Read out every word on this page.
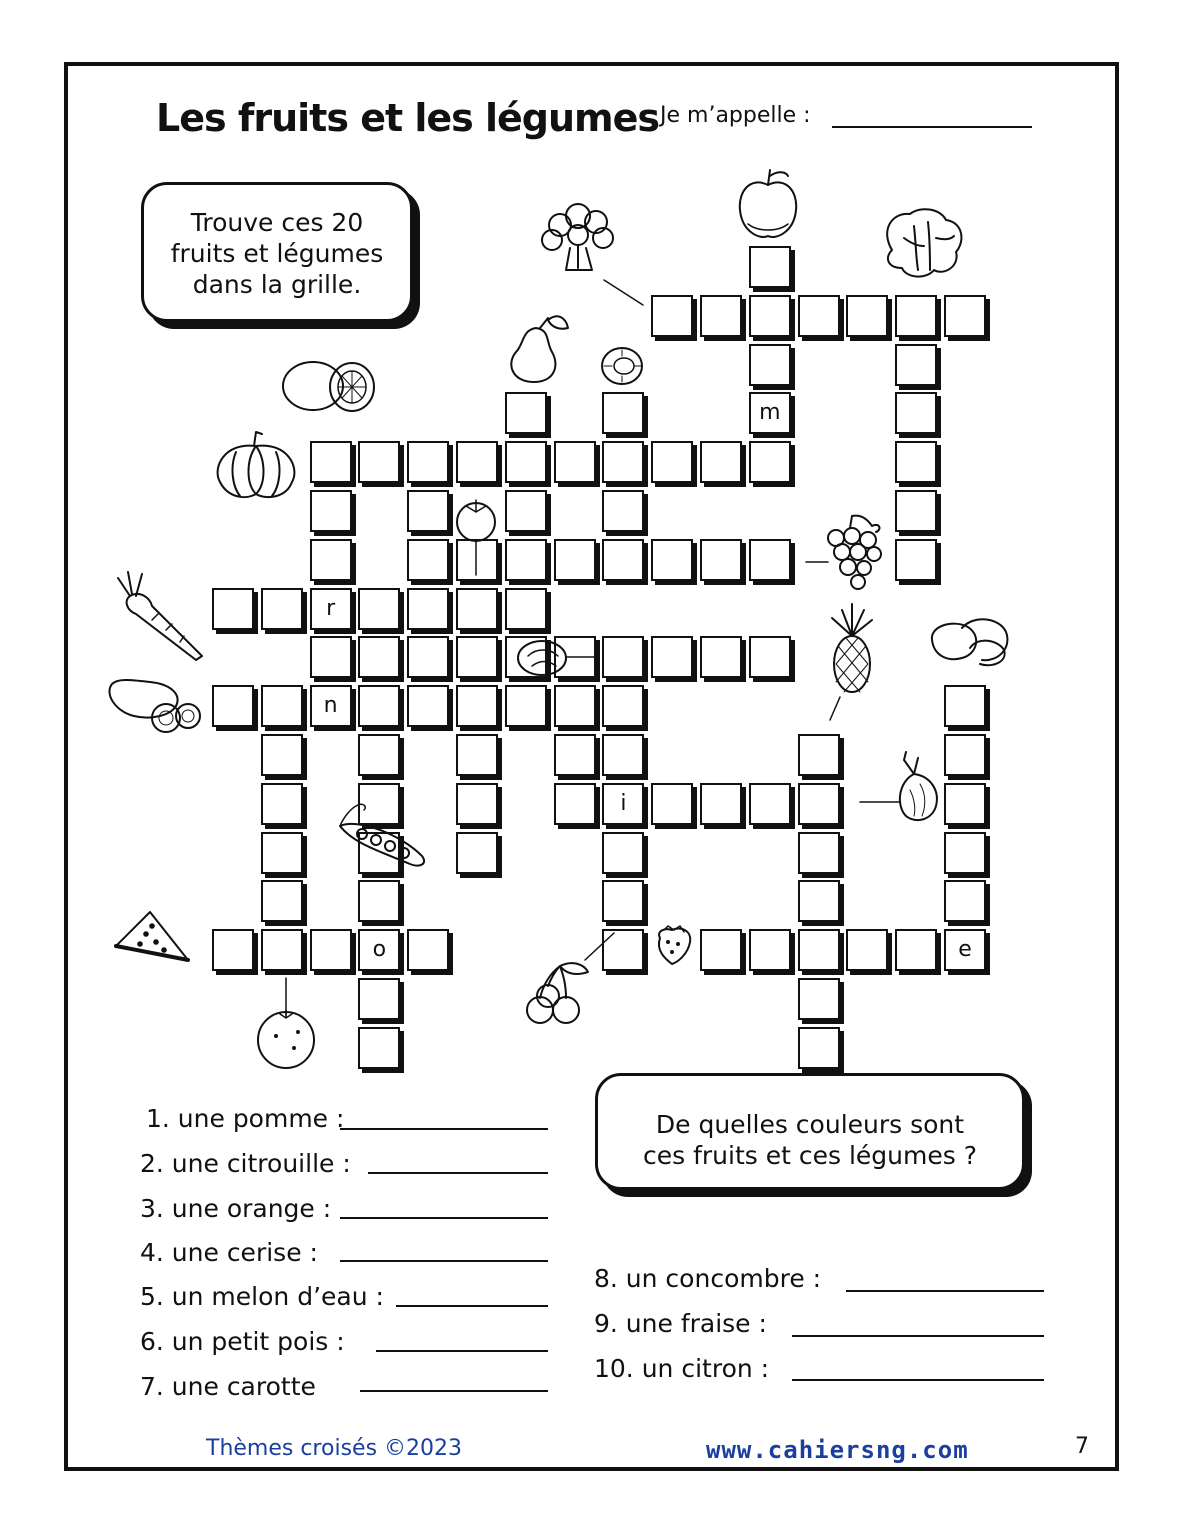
Les fruits et les légumes Je m’appelle :
Trouve ces 20
fruits et légumes
dans la grille.
De quelles couleurs sont
ces fruits et ces légumes ?
m
r
n
i
e
o
1. une pomme :
2. une citrouille :
3. une orange :
4. une cerise :
5. un melon d’eau :
6. un petit pois :
7. une carotte
8. un concombre :
9. une fraise :
10. un citron :
Thèmes croisés ©2023	www.cahiersng.com	7
